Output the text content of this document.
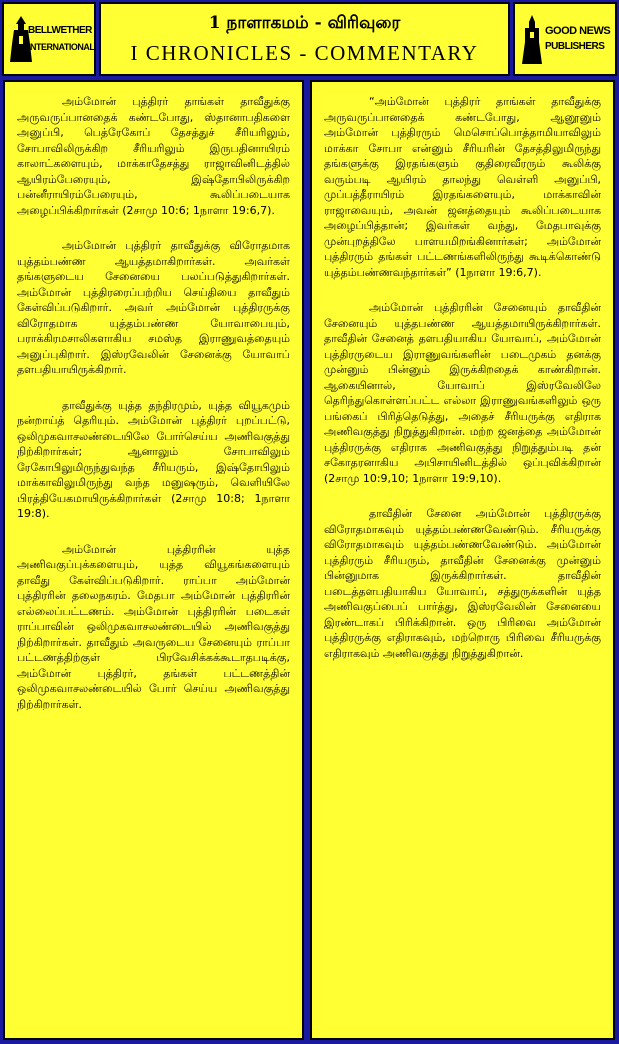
BELLWETHER
INTERNATIONAL
1 நாளாகமம் - விரிவுரை
I CHRONICLES - COMMENTARY
GOOD NEWS
PUBLISHERS

அம்மோன் புத்திரர் தாங்கள் தாவீதுக்கு அருவருப்பானதைக் கண்டபோது, ஸ்தானாபதிகளை அனுப்பி, பெத்ரேகோப் தேசத்துச் சீரியரிலும், சோபாவிலிருக்கிற சீரியரிலும் இருபதினாயிரம் காலாட்களையும், மாக்காதேசத்து ராஜாவினிடத்தில் ஆயிரம்பேரையும், இஷ்தோபிலிருக்கிற பன்னீராயிரம்பேரையும், கூலிப்படையாக அழைப்பிக்கிறார்கள் (2சாமு 10:6; 1நாளா 19:6,7).

அம்மோன் புத்திரர் தாவீதுக்கு விரோதமாக யுத்தம்பண்ண ஆயத்தமாகிறார்கள். அவர்கள் தங்களுடைய சேனையை பலப்படுத்துகிறார்கள். அம்மோன் புத்திரரைப்பற்றிய செய்தியை தாவீதும் கேள்விப்படுகிறார். அவர் அம்மோன் புத்திரருக்கு விரோதமாக யுத்தம்பண்ண யோவாபையும், பராக்கிரமசாலிகளாகிய சமஸ்த இராணுவத்தையும் அனுப்புகிறார். இஸ்ரவேலின் சேனைக்கு யோவாப் தளபதியாயிருக்கிறார்.

தாவீதுக்கு யுத்த தந்திரமும், யுத்த வியூகமும் நன்றாய்த் தெரியும். அம்மோன் புத்திரர் புறப்பட்டு, ஒலிமுகவாசலண்டையிலே போர்செய்ய அணிவகுத்து நிற்கிறார்கள்; ஆனாலும் சோபாவிலும் ரேகோபிலுமிருந்துவந்த சீரியரும், இஷ்தோபிலும் மாக்காவிலுமிருந்து வந்த மனுஷரும், வெளியிலே பிரத்தியேகமாயிருக்கிறார்கள் (2சாமு 10:8; 1நாளா 19:8).

அம்மோன் புத்திரரின் யுத்த அணிவகுப்புக்களையும், யுத்த வியூகங்களையும் தாவீது கேள்விப்படுகிறார். ராப்பா அம்மோன் புத்திரரின் தலைநகரம். மேதபா அம்மோன் புத்திரரின் எல்லைப்பட்டணம். அம்மோன் புத்திரரின் படைகள் ராப்பாவின் ஒலிமுகவாசலண்டையில் அணிவகுத்து நிற்கிறார்கள். தாவீதும் அவருடைய சேனையும் ராப்பா பட்டணத்திற்குள் பிரவேசிக்கக்கூடாதபடிக்கு, அம்மோன் புத்திரர், தங்கள் பட்டணத்தின் ஒலிமுகவாசலண்டையில் போர் செய்ய அணிவகுத்து நிற்கிறார்கள்.

“அம்மோன் புத்திரர் தாங்கள் தாவீதுக்கு அருவருப்பானதைக் கண்டபோது, ஆனூனும் அம்மோன் புத்திரரும் மெசொப்பொத்தாமியாவிலும் மாக்கா சோபா என்னும் சீரியரின் தேசத்திலுமிருந்து தங்களுக்கு இரதங்களும் குதிரைவீரரும் கூலிக்கு வரும்படி ஆயிரம் தாலந்து வெள்ளி அனுப்பி, முப்பத்தீராயிரம் இரதங்களையும், மாக்காவின் ராஜாவையும், அவன் ஜனத்தையும் கூலிப்படையாக அழைப்பித்தான்; இவர்கள் வந்து, மேதபாவுக்கு முன்புறத்திலே பாளயமிறங்கினார்கள்; அம்மோன் புத்திரரும் தங்கள் பட்டணங்களிலிருந்து கூடிக்கொண்டு யுத்தம்பண்ணவந்தார்கள்” (1நாளா 19:6,7).

அம்மோன் புத்திரரின் சேனையும் தாவீதின் சேனையும் யுத்தபண்ண ஆயத்தமாயிருக்கிறார்கள். தாவீதின் சேனைத் தளபதியாகிய யோவாப், அம்மோன் புத்திரருடைய இராணுவங்களின் படைமுகம் தனக்கு முன்னும் பின்னும் இருக்கிறதைக் காண்கிறான். ஆகையினால், யோவாப் இஸ்ரவேலிலே தெரிந்துகொள்ளப்பட்ட எல்லா இராணுவங்களிலும் ஒரு பங்கைப் பிரித்தெடுத்து, அதைச் சீரியருக்கு எதிராக அணிவகுத்து நிறுத்துகிறான். மற்ற ஜனத்தை அம்மோன் புத்திரருக்கு எதிராக அணிவகுத்து நிறுத்தும்படி தன் சகோதரனாகிய அபிசாயினிடத்தில் ஒப்புவிக்கிறான் (2சாமு 10:9,10; 1நாளா 19:9,10).

தாவீதின் சேனை அம்மோன் புத்திரருக்கு விரோதமாகவும் யுத்தம்பண்ணவேண்டும். சீரியருக்கு விரோதமாகவும் யுத்தம்பண்ணவேண்டும். அம்மோன் புத்திரரும் சீரியரும், தாவீதின் சேனைக்கு முன்னும் பின்னுமாக இருக்கிறார்கள். தாவீதின் படைத்தளபதியாகிய யோவாப், சத்துருக்களின் யுத்த அணிவகுப்பைப் பார்த்து, இஸ்ரவேலின் சேனையை இரண்டாகப் பிரிக்கிறான். ஒரு பிரிவை அம்மோன் புத்திரருக்கு எதிராகவும், மற்றொரு பிரிவை சீரியருக்கு எதிராகவும் அணிவகுத்து நிறுத்துகிறான்.
